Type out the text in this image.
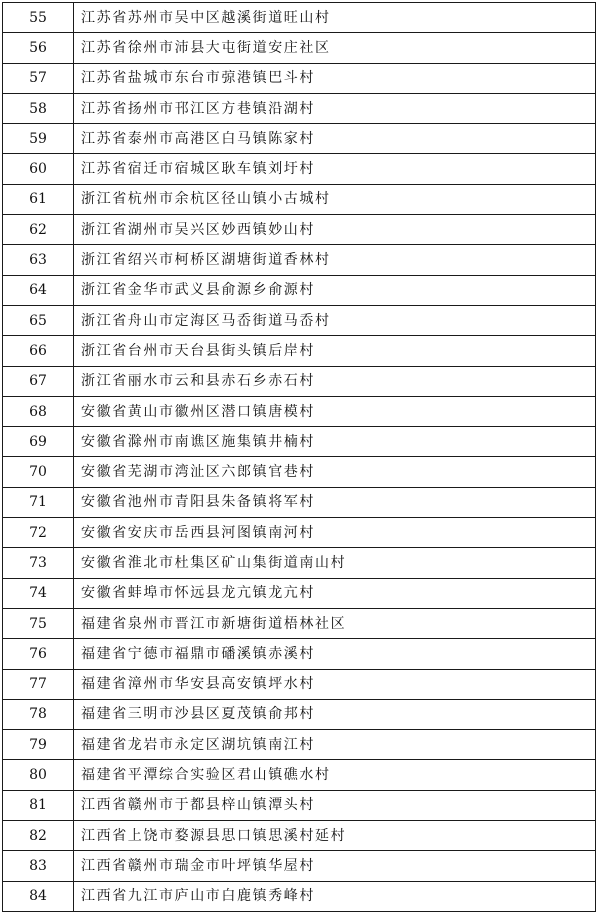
55	江苏省苏州市吴中区越溪街道旺山村
56	江苏省徐州市沛县大屯街道安庄社区
57	江苏省盐城市东台市弶港镇巴斗村
58	江苏省扬州市邗江区方巷镇沿湖村
59	江苏省泰州市高港区白马镇陈家村
60	江苏省宿迁市宿城区耿车镇刘圩村
61	浙江省杭州市余杭区径山镇小古城村
62	浙江省湖州市吴兴区妙西镇妙山村
63	浙江省绍兴市柯桥区湖塘街道香林村
64	浙江省金华市武义县俞源乡俞源村
65	浙江省舟山市定海区马岙街道马岙村
66	浙江省台州市天台县街头镇后岸村
67	浙江省丽水市云和县赤石乡赤石村
68	安徽省黄山市徽州区潜口镇唐模村
69	安徽省滁州市南谯区施集镇井楠村
70	安徽省芜湖市湾沚区六郎镇官巷村
71	安徽省池州市青阳县朱备镇将军村
72	安徽省安庆市岳西县河图镇南河村
73	安徽省淮北市杜集区矿山集街道南山村
74	安徽省蚌埠市怀远县龙亢镇龙亢村
75	福建省泉州市晋江市新塘街道梧林社区
76	福建省宁德市福鼎市磻溪镇赤溪村
77	福建省漳州市华安县高安镇坪水村
78	福建省三明市沙县区夏茂镇俞邦村
79	福建省龙岩市永定区湖坑镇南江村
80	福建省平潭综合实验区君山镇礁水村
81	江西省赣州市于都县梓山镇潭头村
82	江西省上饶市婺源县思口镇思溪村延村
83	江西省赣州市瑞金市叶坪镇华屋村
84	江西省九江市庐山市白鹿镇秀峰村
